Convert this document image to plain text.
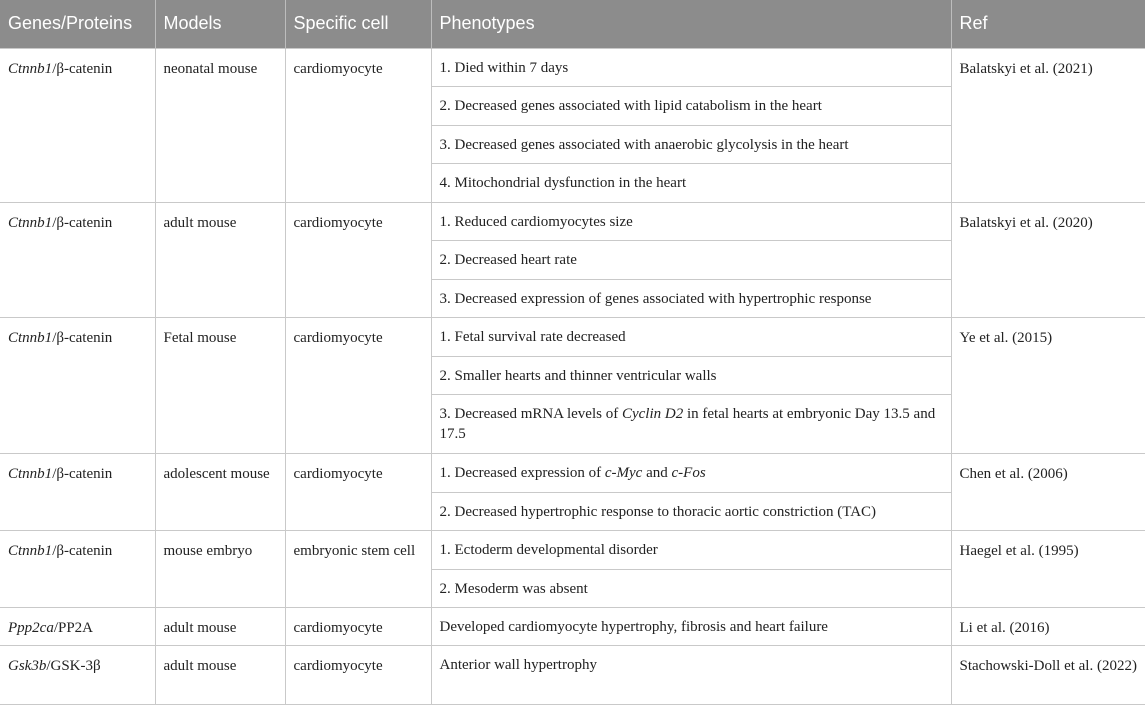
Genes/Proteins	Models	Specific cell	Phenotypes	Ref
Ctnnb1/β-catenin	neonatal mouse	cardiomyocyte	1. Died within 7 days	Balatskyi et al. (2021)
			2. Decreased genes associated with lipid catabolism in the heart	
			3. Decreased genes associated with anaerobic glycolysis in the heart	
			4. Mitochondrial dysfunction in the heart	
Ctnnb1/β-catenin	adult mouse	cardiomyocyte	1. Reduced cardiomyocytes size	Balatskyi et al. (2020)
			2. Decreased heart rate	
			3. Decreased expression of genes associated with hypertrophic response	
Ctnnb1/β-catenin	Fetal mouse	cardiomyocyte	1. Fetal survival rate decreased	Ye et al. (2015)
			2. Smaller hearts and thinner ventricular walls	
			3. Decreased mRNA levels of Cyclin D2 in fetal hearts at embryonic Day 13.5 and 17.5	
Ctnnb1/β-catenin	adolescent mouse	cardiomyocyte	1. Decreased expression of c-Myc and c-Fos	Chen et al. (2006)
			2. Decreased hypertrophic response to thoracic aortic constriction (TAC)	
Ctnnb1/β-catenin	mouse embryo	embryonic stem cell	1. Ectoderm developmental disorder	Haegel et al. (1995)
			2. Mesoderm was absent	
Ppp2ca/PP2A	adult mouse	cardiomyocyte	Developed cardiomyocyte hypertrophy, fibrosis and heart failure	Li et al. (2016)
Gsk3b/GSK-3β	adult mouse	cardiomyocyte	Anterior wall hypertrophy	Stachowski-Doll et al. (2022)
